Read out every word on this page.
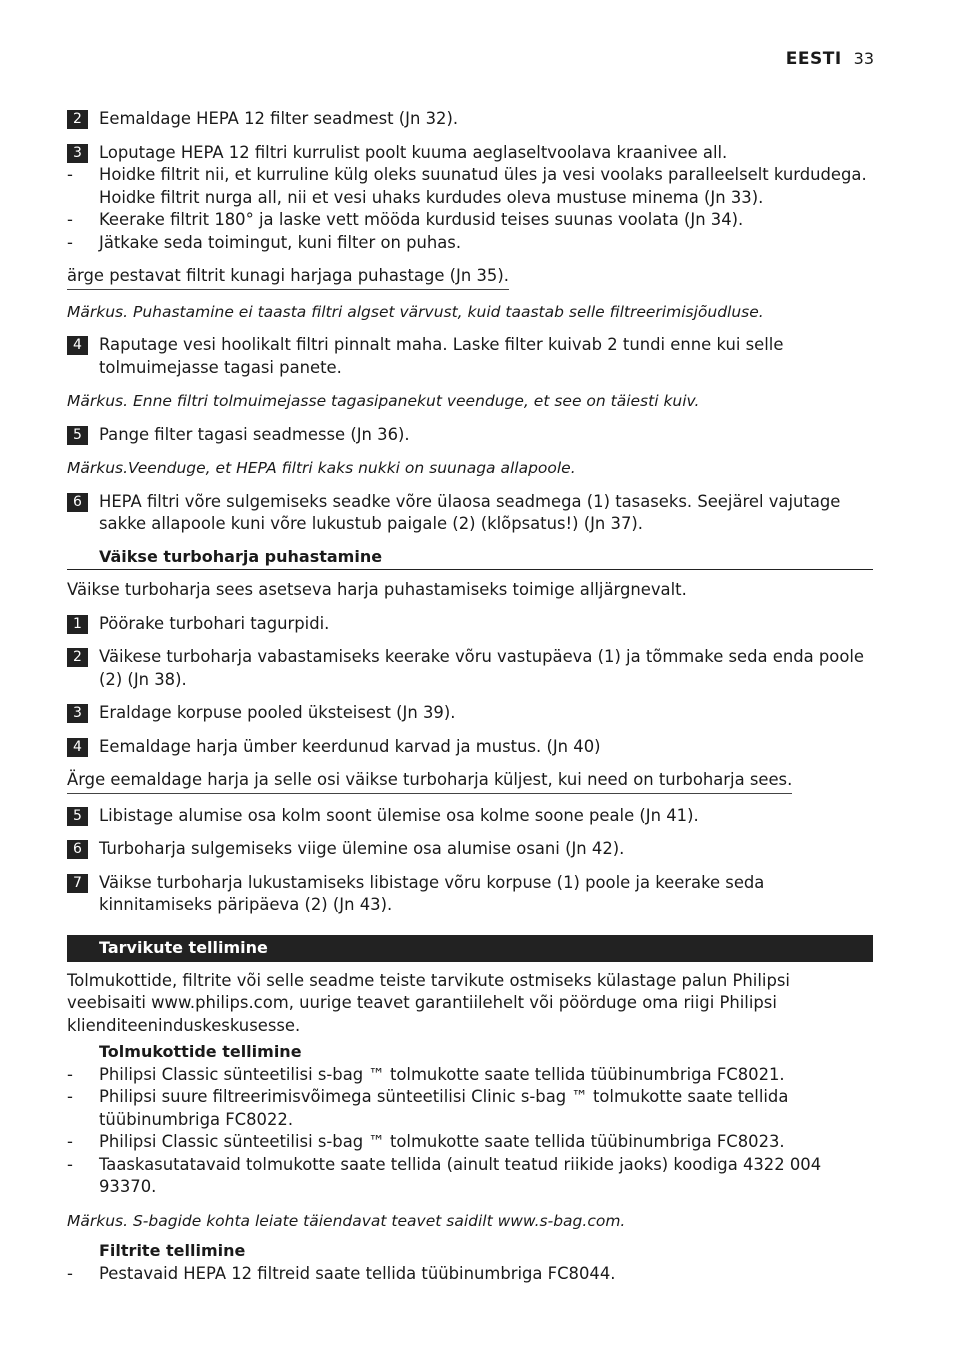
EESTI 33
2	Eemaldage HEPA 12 filter seadmest (Jn 32).
3	Loputage HEPA 12 filtri kurrulist poolt kuuma aeglaseltvoolava kraanivee all.
- Hoidke filtrit nii, et kurruline külg oleks suunatud üles ja vesi voolaks paralleelselt kurdudega. Hoidke filtrit nurga all, nii et vesi uhaks kurdudes oleva mustuse minema (Jn 33).
- Keerake filtrit 180° ja laske vett mööda kurdusid teises suunas voolata (Jn 34).
- Jätkake seda toimingut, kuni filter on puhas.
ärge pestavat filtrit kunagi harjaga puhastage (Jn 35).
Märkus. Puhastamine ei taasta filtri algset värvust, kuid taastab selle filtreerimisjõudluse.
4	Raputage vesi hoolikalt filtri pinnalt maha. Laske filter kuivab 2 tundi enne kui selle tolmuimejasse tagasi panete.
Märkus. Enne filtri tolmuimejasse tagasipanekut veenduge, et see on täiesti kuiv.
5	Pange filter tagasi seadmesse (Jn 36).
Märkus.Veenduge, et HEPA filtri kaks nukki on suunaga allapoole.
6	HEPA filtri võre sulgemiseks seadke võre ülaosa seadmega (1) tasaseks. Seejärel vajutage sakke allapoole kuni võre lukustub paigale (2) (klõpsatus!) (Jn 37).
Väikse turboharja puhastamine
Väikse turboharja sees asetseva harja puhastamiseks toimige alljärgnevalt.
1	Pöörake turbohari tagurpidi.
2	Väikese turboharja vabastamiseks keerake võru vastupäeva (1) ja tõmmake seda enda poole (2) (Jn 38).
3	Eraldage korpuse pooled üksteisest (Jn 39).
4	Eemaldage harja ümber keerdunud karvad ja mustus. (Jn 40)
Ärge eemaldage harja ja selle osi väikse turboharja küljest, kui need on turboharja sees.
5	Libistage alumise osa kolm soont ülemise osa kolme soone peale (Jn 41).
6	Turboharja sulgemiseks viige ülemine osa alumise osani (Jn 42).
7	Väikse turboharja lukustamiseks libistage võru korpuse (1) poole ja keerake seda kinnitamiseks päripäeva (2) (Jn 43).
Tarvikute tellimine
Tolmukottide, filtrite või selle seadme teiste tarvikute ostmiseks külastage palun Philipsi veebisaiti www.philips.com, uurige teavet garantiilehelt või pöörduge oma riigi Philipsi klienditeeninduskeskusesse.
Tolmukottide tellimine
- Philipsi Classic sünteetilisi s-bag ™ tolmukotte saate tellida tüübinumbriga FC8021.
- Philipsi suure filtreerimisvõimega sünteetilisi Clinic s-bag ™ tolmukotte saate tellida tüübinumbriga FC8022.
- Philipsi Classic sünteetilisi s-bag ™ tolmukotte saate tellida tüübinumbriga FC8023.
- Taaskasutatavaid tolmukotte saate tellida (ainult teatud riikide jaoks) koodiga 4322 004 93370.
Märkus. S-bagide kohta leiate täiendavat teavet saidilt www.s-bag.com.
Filtrite tellimine
- Pestavaid HEPA 12 filtreid saate tellida tüübinumbriga FC8044.
